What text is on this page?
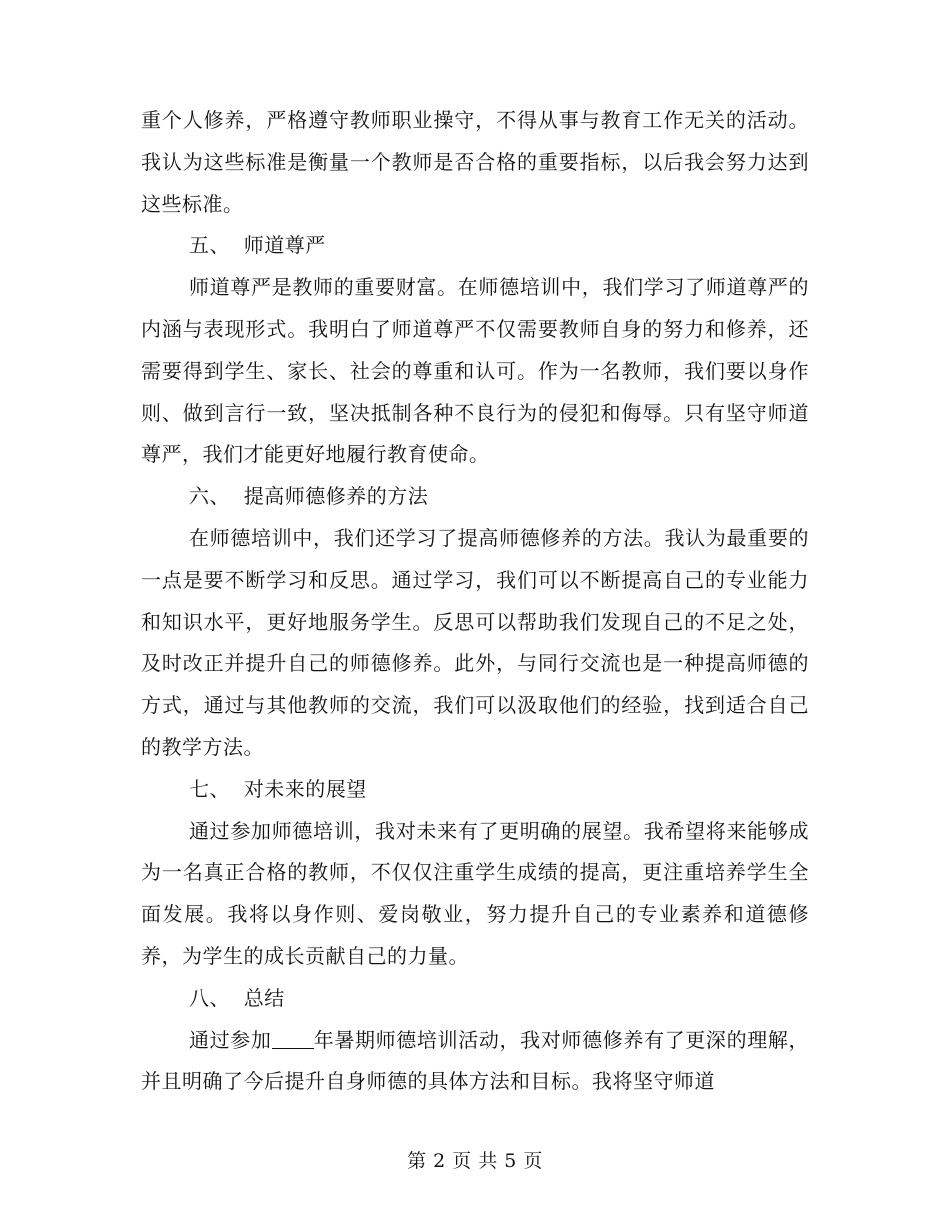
重个人修养，严格遵守教师职业操守，不得从事与教育工作无关的活动。我认为这些标准是衡量一个教师是否合格的重要指标，以后我会努力达到这些标准。

五、  师道尊严

师道尊严是教师的重要财富。在师德培训中，我们学习了师道尊严的内涵与表现形式。我明白了师道尊严不仅需要教师自身的努力和修养，还需要得到学生、家长、社会的尊重和认可。作为一名教师，我们要以身作则、做到言行一致，坚决抵制各种不良行为的侵犯和侮辱。只有坚守师道尊严，我们才能更好地履行教育使命。

六、  提高师德修养的方法

在师德培训中，我们还学习了提高师德修养的方法。我认为最重要的一点是要不断学习和反思。通过学习，我们可以不断提高自己的专业能力和知识水平，更好地服务学生。反思可以帮助我们发现自己的不足之处，及时改正并提升自己的师德修养。此外，与同行交流也是一种提高师德的方式，通过与其他教师的交流，我们可以汲取他们的经验，找到适合自己的教学方法。

七、  对未来的展望

通过参加师德培训，我对未来有了更明确的展望。我希望将来能够成为一名真正合格的教师，不仅仅注重学生成绩的提高，更注重培养学生全面发展。我将以身作则、爱岗敬业，努力提升自己的专业素养和道德修养，为学生的成长贡献自己的力量。

八、  总结

通过参加 年暑期师德培训活动，我对师德修养有了更深的理解，并且明确了今后提升自身师德的具体方法和目标。我将坚守师道

第 2 页 共 5 页
